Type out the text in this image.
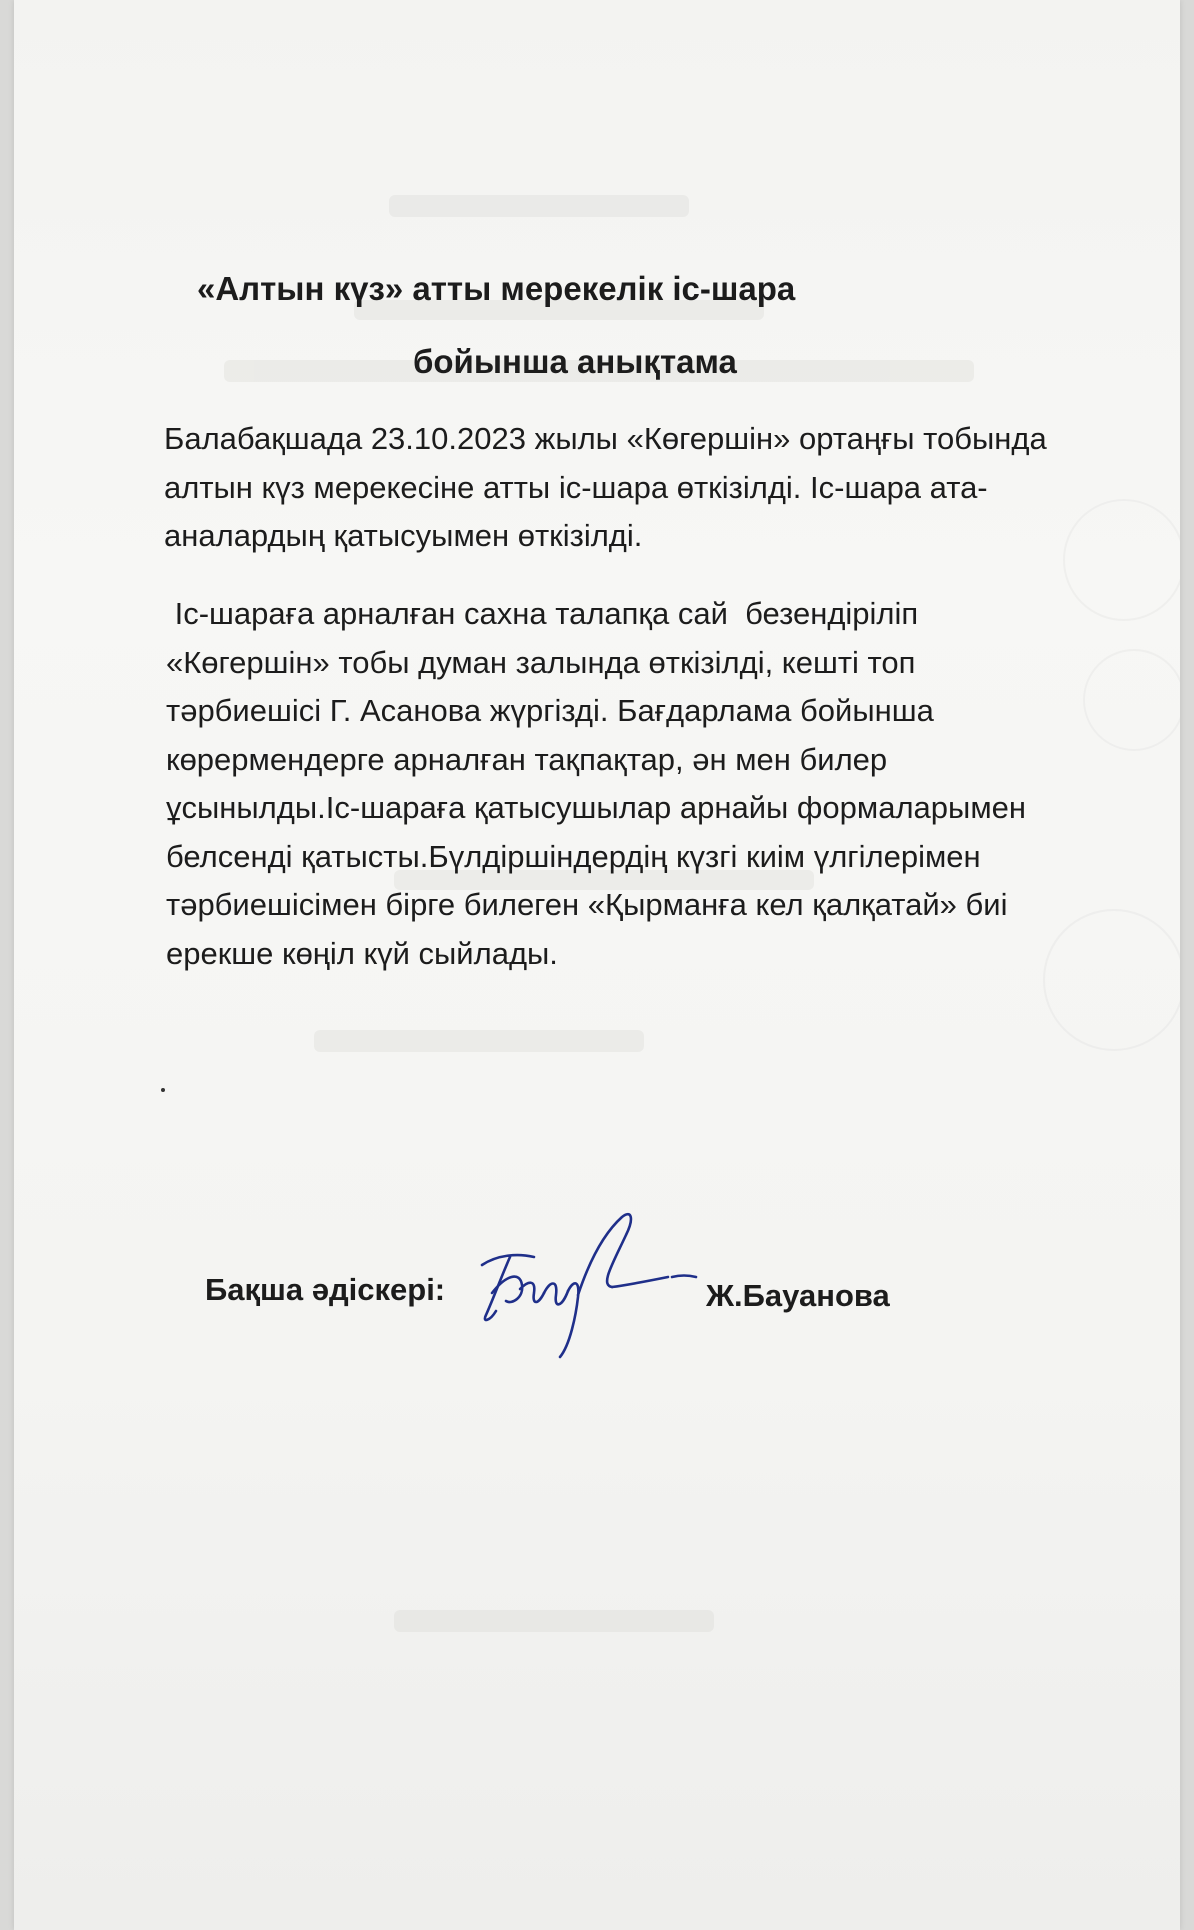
«Алтын күз» атты мерекелік іс-шара
бойынша анықтама
Балабақшада 23.10.2023 жылы «Көгершін» ортаңғы тобында
алтын күз мерекесіне атты іс-шара өткізілді. Іс-шара ата-
аналардың қатысуымен өткізілді.
Іс-шараға арналған сахна талапқа сай  безендіріліп
«Көгершін» тобы думан залында өткізілді, кешті топ
тәрбиешісі Г. Асанова жүргізді. Бағдарлама бойынша
көрермендерге арналған тақпақтар, ән мен билер
ұсынылды.Іс-шараға қатысушылар арнайы формаларымен
белсенді қатысты.Бүлдіршіндердің күзгі киім үлгілерімен
тәрбиешісімен бірге билеген «Қырманға кел қалқатай» биі
ерекше көңіл күй сыйлады.
Бақша әдіскері:	Ж.Бауанова
